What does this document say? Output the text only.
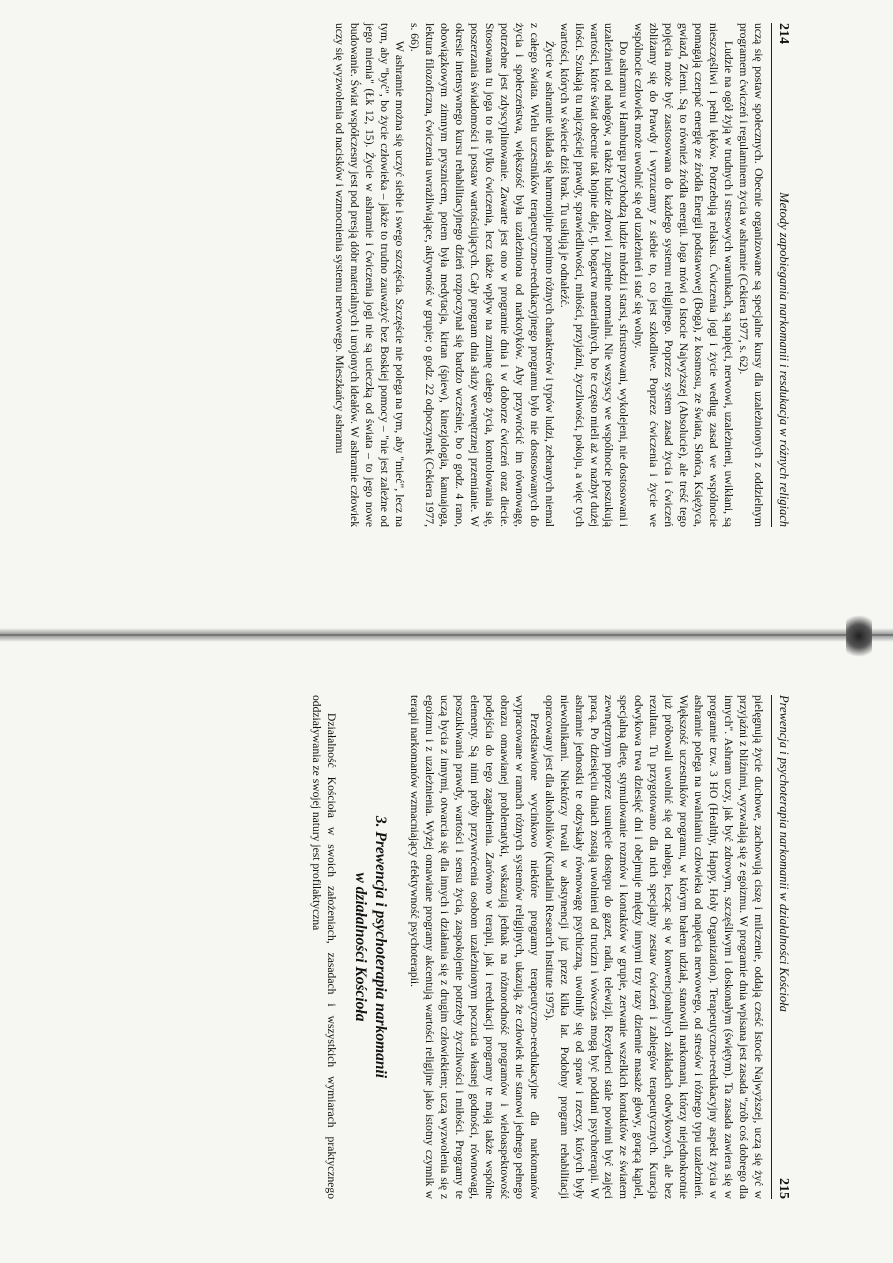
214
Metody zapobiegania narkomanii i resdukacja w różnych religiach

uczą się postaw społecznych. Obecnie organizowane są specjalne kursy dla uzależnionych z oddzielnym programem ćwiczeń i regulaminem życia w ashramie (Cekiera 1977, s. 62).

Ludzie na ogół żyją w trudnych i stresowych warunkach, są napięci, nerwowi, uzależnieni, uwikłani, są nieszczęśliwi i pełni lęków. Potrzebują relaksu. Ćwiczenia jogi i życie według zasad we wspólnocie pomagają czerpać energię ze źródła Energii podstawowej (Boga), z kosmosu, ze świata, Słońca, Księżyca, gwiazd, Ziemi. Są to również źródła energii. Joga mówi o Istocie Najwyższej (Absolucie), ale treść tego pojęcia może być zastosowana do każdego systemu religijnego. Poprzez system zasad życia i ćwiczeń zbliżamy się do Prawdy i wyrzucamy z siebie to, co jest szkodliwe. Poprzez ćwiczenia i życie we wspólnocie człowiek może uwolnić się od uzależnień i stać się wolny.

Do ashramu w Hamburgu przychodzą ludzie młodzi i starsi, sfrustrowani, wykolejeni, nie dostosowani i uzależnieni od nałogów, a także ludzie zdrowi i zupełnie normalni. Nie wszyscy we wspólnocie poszukują wartości, które świat obecnie tak hojnie daje, tj. bogactw materialnych, bo te często mieli aż w nazbyt dużej ilości. Szukają tu najczęściej prawdy, sprawiedliwości, miłości, przyjaźni, życzliwości, pokoju, a więc tych wartości, których w świecie dziś brak. Tu usiłują je odnaleźć.

Życie w ashramie układa się harmonijnie pomimo różnych charakterów i typów ludzi, zebranych niemal z całego świata. Wielu uczestników terapeutyczno-reedukacyjnego programu było nie dostosowanych do życia i społeczeństwa, większość była uzależniona od narkotyków. Aby przywrócić im równowagę, potrzebne jest zdyscyplinowanie. Zawarte jest ono w programie dnia i w doborze ćwiczeń oraz diecie. Stosowana tu joga to nie tylko ćwiczenia, lecz także wpływ na zmianę całego życia, kontrolowania się, poszerzania świadomości i postaw wartościujących. Cały program dnia służy wewnętrznej przemianie. W okresie intensywnego kursu rehabilitacyjnego dzień rozpoczynał się bardzo wcześnie, bo o godz. 4 rano, obowiązkowym zimnym prysznicem, potem była medytacja, kirtan (śpiew), kinezjologia, kanuajoga, lektura filozoficzna, ćwiczenia uwrażliwiające, aktywność w grupie; o godz. 22 odpoczynek (Cekiera 1977, s. 66).

W ashramie można się uczyć siebie i swego szczęścia. Szczęście nie polega na tym, aby "mieć", lecz na tym, aby "być", bo życie człowieka – jakże to trudno zauważyć bez Boskiej pomocy – "nie jest zależne od jego mienia" (Łk 12, 15). Życie w ashramie i ćwiczenia jogi nie są ucieczką od świata – to jego nowe budowanie. Świat współczesny jest pod presją dóbr materialnych i urojonych ideałów. W ashramie człowiek uczy się wyzwolenia od nacisków i wzmocnienia systemu nerwowego. Mieszkańcy ashramu

Prewencja i psychoterapia narkomanii w działalności Kościoła
215

pielęgnują życie duchowe, zachowują ciszę i milczenie, oddają cześć Istocie Najwyższej, uczą się żyć w przyjaźni z bliźnimi, wyzwalają się z egoizmu. W programie dnia wpisana jest zasada "zrób coś dobrego dla innych". Ashram uczy, jak być zdrowym, szczęśliwym i doskonałym (świętym). Ta zasada zawiera się w programie tzw. 3 HO (Healthy, Happy, Holy Organization). Terapeutyczno-reedukacyjny aspekt życia w ashramie polega na uwalnianiu człowieka od napięcia nerwowego, od stresów i różnego typu uzależnień. Większość uczestników programu, w którym brałem udział, stanowili narkomani, którzy niejednokrotnie już próbowali uwolnić się od nałogu, lecząc się w konwencjonalnych zakładach odwykowych, ale bez rezultatu. Tu przygotowano dla nich specjalny zestaw ćwiczeń i zabiegów terapeutycznych. Kuracja odwykowa trwa dziesięć dni i obejmuje między innymi trzy razy dziennie masaże głowy, gorącą kąpiel, specjalną dietę, stymulowanie rozmów i kontaktów w grupie, zerwanie wszelkich kontaktów ze światem zewnętrznym poprzez usunięcie dostępu do gazet, radia, telewizji. Rezydenci stale powinni być zajęci pracą. Po dziesięciu dniach zostają uwolnieni od trucizn i wówczas mogą być poddani psychoterapii. W ashramie jednostki te odzyskały równowagę psychiczną, uwolniły się od spraw i rzeczy, których były niewolnikami. Niektórzy trwali w abstynencji już przez kilka lat. Podobny program rehabilitacji opracowany jest dla alkoholików (Kundalini Research Institute 1975).

Przedstawione wycinkowo niektóre programy terapeutyczno-reedukacyjne dla narkomanów wypracowane w ramach różnych systemów religijnych, ukazują, że człowiek nie stanowi jednego pełnego obrazu omawianej problematyki, wskazują jednak na różnorodność programów i wieloaspektowość podejścia do tego zagadnienia. Zarówno w terapii, jak i reedukacji programy te mają także wspólne elementy. Są nimi próby przywrócenia osobom uzależnionym poczucia własnej godności, równowagi, poszukiwania prawdy, wartości i sensu życia, zaspokojenie potrzeby życzliwości i miłości. Programy te uczą bycia z innymi, otwarcia się dla innych i działania się z drugim człowiekiem; uczą wyzwolenia się z egoizmu i z uzależnienia. Wyżej omawiane programy akcentują wartości religijne jako istotny czynnik w terapii narkomanów wzmacniający efektywność psychoterapii.

3. Prewencja i psychoterapia narkomanii
w działalności Kościoła

Działalność Kościoła w swoich założeniach, zasadach i wszystkich wymiarach praktycznego oddziaływania ze swojej natury jest profilaktyczna
